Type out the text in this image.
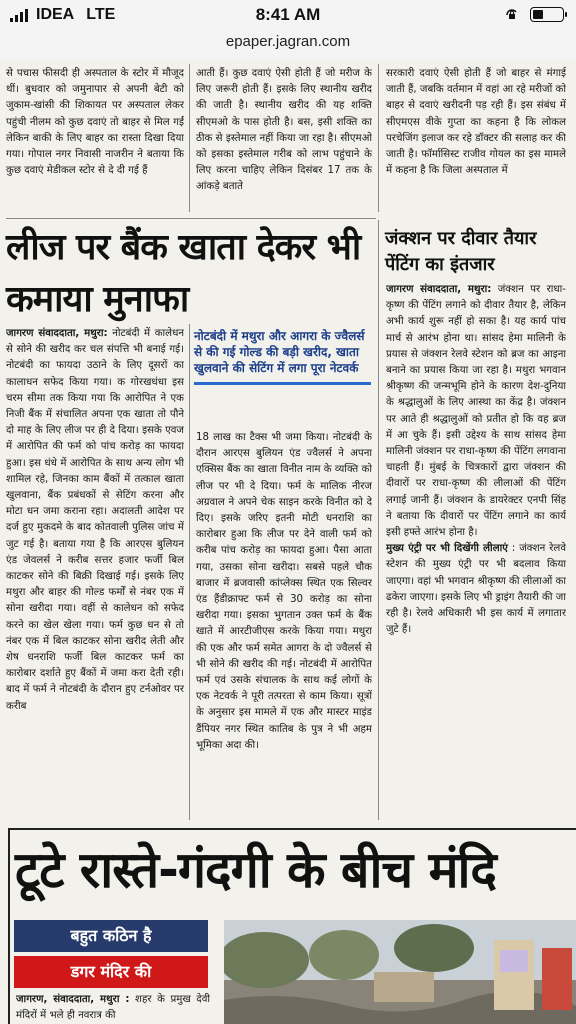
IDEA LTE	8:41 AM
epaper.jagran.com

से पचास फीसदी ही अस्पताल के स्टोर में मौजूद थीं। बुधवार को जमुनापार से अपनी बेटी को जुकाम-खांसी की शिकायत पर अस्पताल लेकर पहुंची नीलम को कुछ दवाएं तो बाहर से मिल गईं लेकिन बाकी के लिए बाहर का रास्ता दिखा दिया गया। गोपाल नगर निवासी नाजरीन ने बताया कि कुछ दवाएं मेडीकल स्टोर से दे दी गई हैं

आती हैं। कुछ दवाएं ऐसी होती हैं जो मरीज के लिए जरूरी होती हैं। इसके लिए स्थानीय खरीद की जाती है। स्थानीय खरीद की यह शक्ति सीएमओ के पास होती है। बस, इसी शक्ति का ठीक से इस्तेमाल नहीं किया जा रहा है। सीएमओ को इसका इस्तेमाल गरीब को लाभ पहुंचाने के लिए करना चाहिए लेकिन दिसंबर 17 तक के आंकड़े बताते

सरकारी दवाएं ऐसी होती हैं जो बाहर से मंगाई जाती हैं, जबकि वर्तमान में वहां आ रहे मरीजों को बाहर से दवाएं खरीदनी पड़ रही हैं। इस संबंध में सीएमएस वीके गुप्ता का कहना है कि लोकल परचेजिंग इलाज कर रहे डॉक्टर की सलाह कर की जाती है। फॉर्मासिस्ट राजीव गोयल का इस मामले में कहना है कि जिला अस्पताल में

लीज पर बैंक खाता देकर भी कमाया मुनाफा
जंक्शन पर दीवार तैयार पेंटिंग का इंतजार

जागरण संवाददाता, मथुरा: नोटबंदी में कालेधन से सोने की खरीद कर चल संपत्ति भी बनाई गई। नोटबंदी का फायदा उठाने के लिए दूसरों का कालाधन सफेद किया गया। क गोरखधंधा इस चरम सीमा तक किया गया कि आरोपित ने एक निजी बैंक में संचालित अपना एक खाता तो पौने दो माह के लिए लीज पर ही दे दिया। इसके एवज में आरोपित की फर्म को पांच करोड़ का फायदा हुआ। इस धंधे में आरोपित के साथ अन्य लोग भी शामिल रहे, जिनका काम बैंकों में तत्काल खाता खुलवाना, बैंक प्रबंधकों से सेटिंग करना और मोटा धन जमा कराना रहा। अदालती आदेश पर दर्ज हुए मुकदमे के बाद कोतवाली पुलिस जांच में जुट गई है। बताया गया है कि आरएस बुलियन एंड जेवलर्स ने करीब सत्तर हजार फर्जी बिल काटकर सोने की बिक्री दिखाई गई। इसके लिए मथुरा और बाहर की गोल्ड फर्मों से नंबर एक में सोना खरीदा गया। वहीं से कालेधन को सफेद करने का खेल खेला गया। फर्म कुछ धन से तो नंबर एक में बिल काटकर सोना खरीद लेती और शेष धनराशि फर्जी बिल काटकर फर्म का कारोबार दर्शाते हुए बैंकों में जमा करा देती रही। बाद में फर्म ने नोटबंदी के दौरान हुए टर्नओवर पर करीब

नोटबंदी में मथुरा और आगरा के ज्वैलर्स से की गई गोल्ड की बड़ी खरीद, खाता खुलवाने की सेटिंग में लगा पूरा नेटवर्क

18 लाख का टैक्स भी जमा किया। नोटबंदी के दौरान आरएस बुलियन एंड ज्वैलर्स ने अपना एक्सिस बैंक का खाता विनीत नाम के व्यक्ति को लीज पर भी दे दिया। फर्म के मालिक नीरज अग्रवाल ने अपने चेक साइन करके विनीत को दे दिए। इसके जरिए इतनी मोटी धनराशि का कारोबार हुआ कि लीज पर देने वाली फर्म को करीब पांच करोड़ का फायदा हुआ। पैसा आता गया, उसका सोना खरीदा। सबसे पहले चौक बाजार में ब्रजवासी कांप्लेक्स स्थित एक सिल्वर एंड हैंडीक्राफ्ट फर्म से 30 करोड़ का सोना खरीदा गया। इसका भुगतान उक्त फर्म के बैंक खाते में आरटीजीएस करके किया गया। मथुरा की एक और फर्म समेत आगरा के दो ज्वैलर्स से भी सोने की खरीद की गई। नोटबंदी में आरोपित फर्म एवं उसके संचालक के साथ कई लोगों के एक नेटवर्क ने पूरी तत्परता से काम किया। सूत्रों के अनुसार इस मामले में एक और मास्टर माइंड डैंपियर नगर स्थित कातिब के पुत्र ने भी अहम भूमिका अदा की।

जागरण संवाददाता, मथुरा: जंक्शन पर राधा-कृष्ण की पेंटिंग लगाने को दीवार तैयार है, लेकिन अभी कार्य शुरू नहीं हो सका है। यह कार्य पांच मार्च से आरंभ होना था। सांसद हेमा मालिनी के प्रयास से जंक्शन रेलवे स्टेशन को ब्रज का आइना बनाने का प्रयास किया जा रहा है। मथुरा भगवान श्रीकृष्ण की जन्मभूमि होने के कारण देश-दुनिया के श्रद्धालुओं के लिए आस्था का केंद्र है। जंक्शन पर आते ही श्रद्धालुओं को प्रतीत हो कि वह ब्रज में आ चुके हैं। इसी उद्देश्य के साथ सांसद हेमा मालिनी जंक्शन पर राधा-कृष्ण की पेंटिंग लगवाना चाहती हैं। मुंबई के चित्रकारों द्वारा जंक्शन की दीवारों पर राधा-कृष्ण की लीलाओं की पेंटिंग लगाई जानी हैं। जंक्शन के डायरेक्टर एनपी सिंह ने बताया कि दीवारों पर पेंटिंग लगाने का कार्य इसी हफ्ते आरंभ होना है।

मुख्य एंट्री पर भी दिखेंगी लीलाएं : जंक्शन रेलवे स्टेशन की मुख्य एंट्री पर भी बदलाव किया जाएगा। वहां भी भगवान श्रीकृष्ण की लीलाओं का ढकेरा जाएगा। इसके लिए भी ड्राइंग तैयारी की जा रही है। रेलवे अधिकारी भी इस कार्य में लगातार जुटे हैं।

टूटे रास्ते-गंदगी के बीच मंदि
बहुत कठिन है
डगर मंदिर की

जागरण, संवाददाता, मथुरा : शहर के प्रमुख देवी मंदिरों में भले ही नवरात्र की
